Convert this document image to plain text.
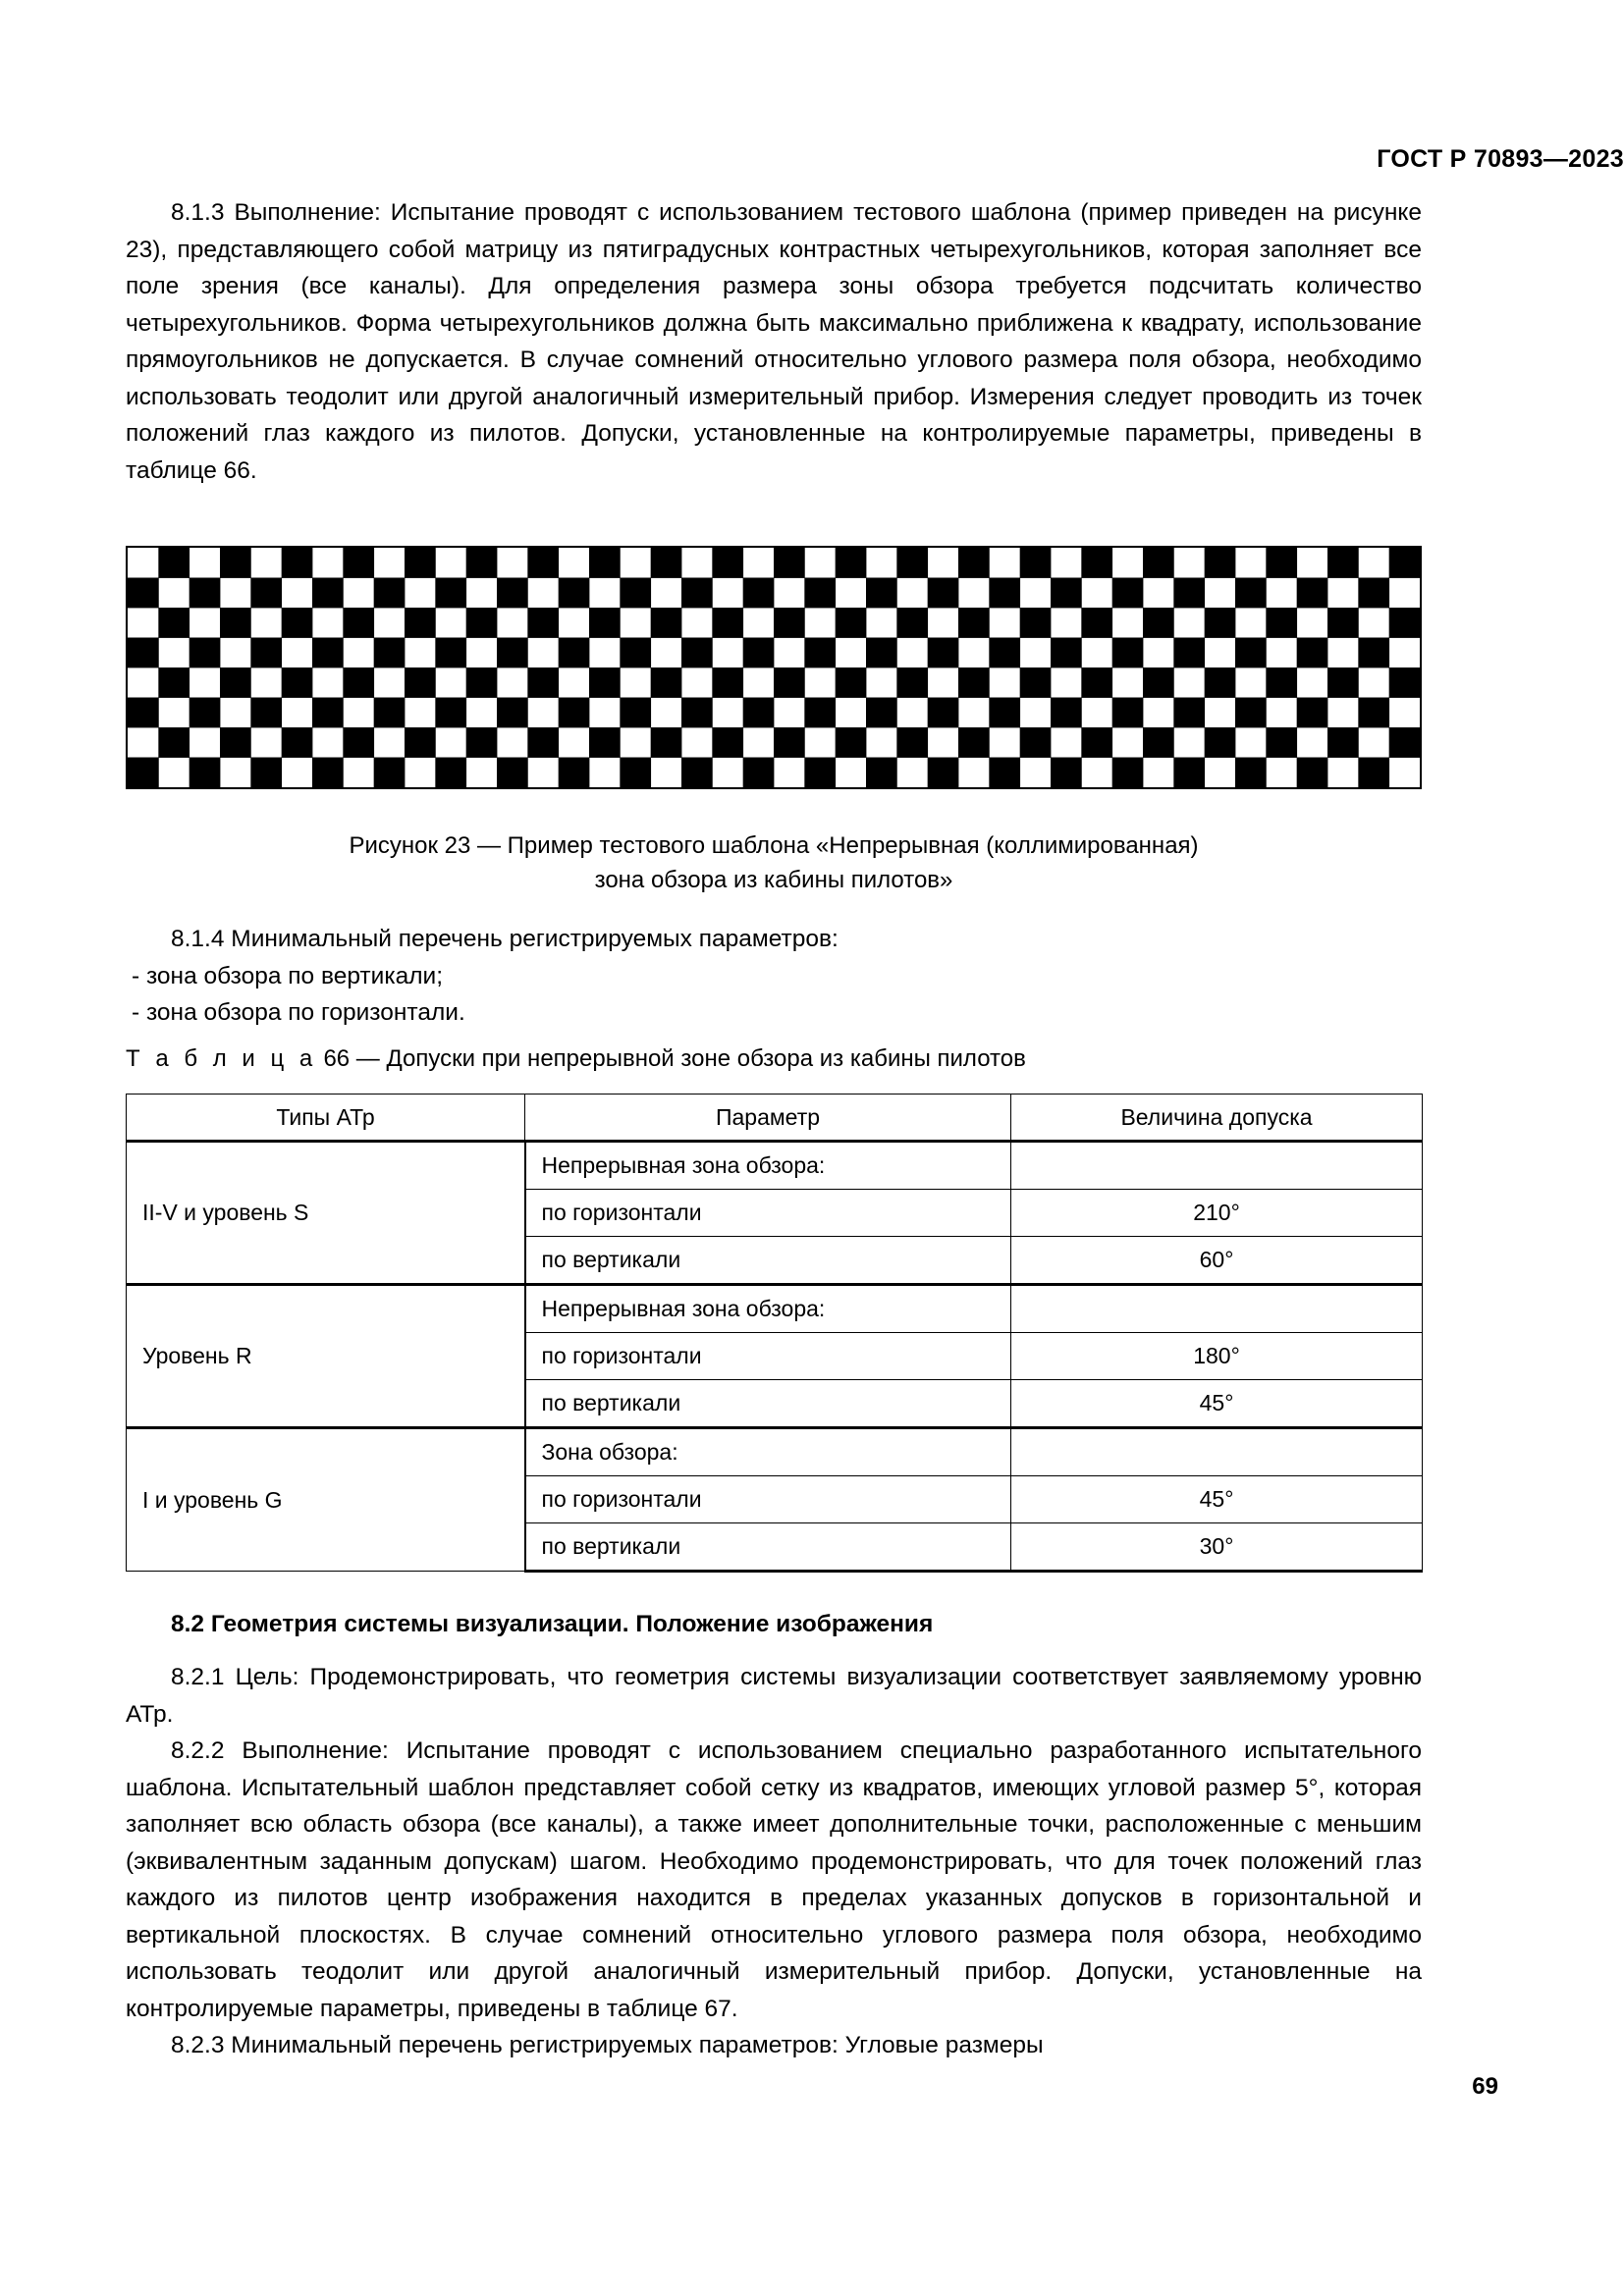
ГОСТ Р 70893—2023

8.1.3 Выполнение: Испытание проводят с использованием тестового шаблона (пример приведен на рисунке 23), представляющего собой матрицу из пятиградусных контрастных четырехугольников, которая заполняет все поле зрения (все каналы). Для определения размера зоны обзора требуется подсчитать количество четырехугольников. Форма четырехугольников должна быть максимально приближена к квадрату, использование прямоугольников не допускается. В случае сомнений относительно углового размера поля обзора, необходимо использовать теодолит или другой аналогичный измерительный прибор. Измерения следует проводить из точек положений глаз каждого из пилотов. Допуски, установленные на контролируемые параметры, приведены в таблице 66.

Рисунок 23 — Пример тестового шаблона «Непрерывная (коллимированная)
зона обзора из кабины пилотов»

8.1.4 Минимальный перечень регистрируемых параметров:

- зона обзора по вертикали;

- зона обзора по горизонтали.

Т а б л и ц а 66 — Допуски при непрерывной зоне обзора из кабины пилотов

Типы АТр	Параметр	Величина допуска
II-V и уровень S	Непрерывная зона обзора:	
	по горизонтали	210°
	по вертикали	60°
Уровень R	Непрерывная зона обзора:	
	по горизонтали	180°
	по вертикали	45°
I и уровень G	Зона обзора:	
	по горизонтали	45°
	по вертикали	30°

8.2 Геометрия системы визуализации. Положение изображения

8.2.1 Цель: Продемонстрировать, что геометрия системы визуализации соответствует заявляемому уровню АТр.

8.2.2 Выполнение: Испытание проводят с использованием специально разработанного испытательного шаблона. Испытательный шаблон представляет собой сетку из квадратов, имеющих угловой размер 5°, которая заполняет всю область обзора (все каналы), а также имеет дополнительные точки, расположенные с меньшим (эквивалентным заданным допускам) шагом. Необходимо продемонстрировать, что для точек положений глаз каждого из пилотов центр изображения находится в пределах указанных допусков в горизонтальной и вертикальной плоскостях. В случае сомнений относительно углового размера поля обзора, необходимо использовать теодолит или другой аналогичный измерительный прибор. Допуски, установленные на контролируемые параметры, приведены в таблице 67.

8.2.3 Минимальный перечень регистрируемых параметров: Угловые размеры

69
